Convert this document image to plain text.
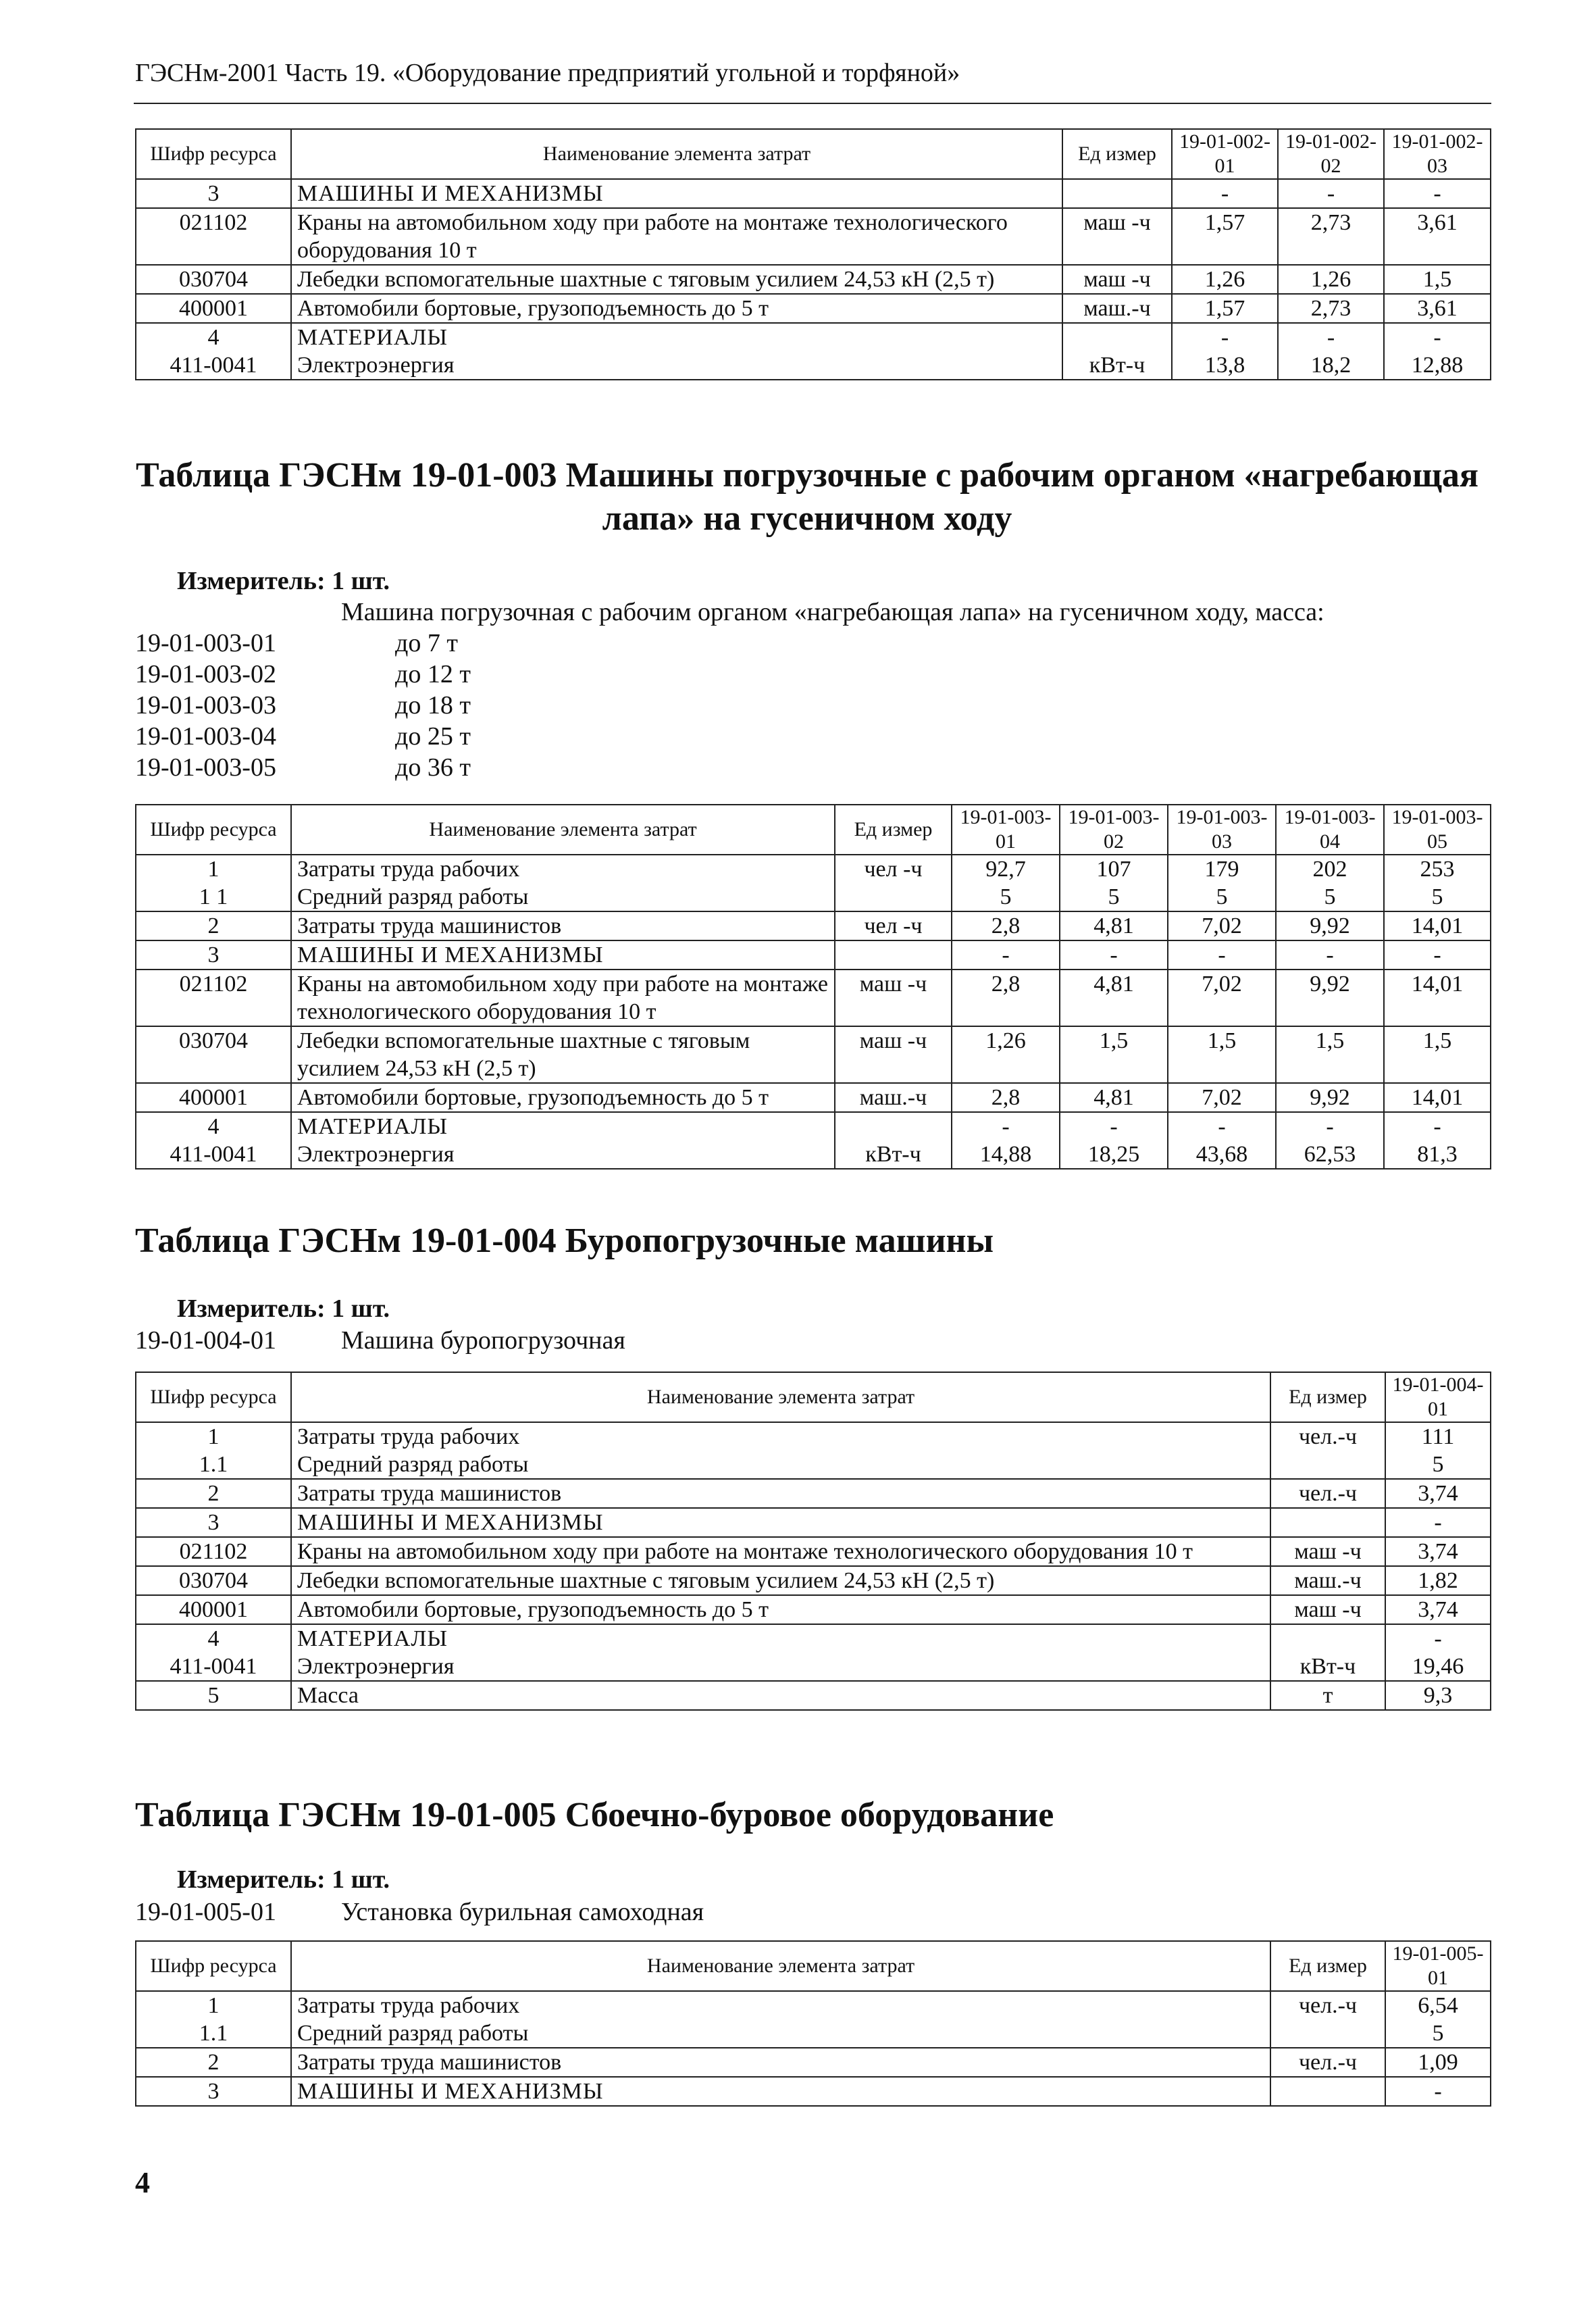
ГЭСНм-2001 Часть 19. «Оборудование предприятий угольной и торфяной»
Шифр ресурса	Наименование элемента затрат	Ед измер	19-01-002-01	19-01-002-02	19-01-002-03
3	МАШИНЫ И МЕХАНИЗМЫ		-	-	-
021102	Краны на автомобильном ходу при работе на монтаже технологического оборудования 10 т	маш -ч	1,57	2,73	3,61
030704	Лебедки вспомогательные шахтные с тяговым усилием 24,53 кН (2,5 т)	маш -ч	1,26	1,26	1,5
400001	Автомобили бортовые, грузоподъемность до 5 т	маш.-ч	1,57	2,73	3,61
4	МАТЕРИАЛЫ		-	-	-
411-0041	Электроэнергия	кВт-ч	13,8	18,2	12,88
Таблица ГЭСНм 19-01-003 Машины погрузочные с рабочим органом «нагребающая лапа» на гусеничном ходу
Измеритель: 1 шт.
Машина погрузочная с рабочим органом «нагребающая лапа» на гусеничном ходу, масса:
19-01-003-01	до 7 т
19-01-003-02	до 12 т
19-01-003-03	до 18 т
19-01-003-04	до 25 т
19-01-003-05	до 36 т
Шифр ресурса	Наименование элемента затрат	Ед измер	19-01-003-01	19-01-003-02	19-01-003-03	19-01-003-04	19-01-003-05
1	Затраты труда рабочих	чел -ч	92,7	107	179	202	253
1 1	Средний разряд работы		5	5	5	5	5
2	Затраты труда машинистов	чел -ч	2,8	4,81	7,02	9,92	14,01
3	МАШИНЫ И МЕХАНИЗМЫ		-	-	-	-	-
021102	Краны на автомобильном ходу при работе на монтаже технологического оборудования 10 т	маш -ч	2,8	4,81	7,02	9,92	14,01
030704	Лебедки вспомогательные шахтные с тяговым усилием 24,53 кН (2,5 т)	маш -ч	1,26	1,5	1,5	1,5	1,5
400001	Автомобили бортовые, грузоподъемность до 5 т	маш.-ч	2,8	4,81	7,02	9,92	14,01
4	МАТЕРИАЛЫ		-	-	-	-	-
411-0041	Электроэнергия	кВт-ч	14,88	18,25	43,68	62,53	81,3
Таблица ГЭСНм 19-01-004 Буропогрузочные машины
Измеритель: 1 шт.
19-01-004-01	Машина буропогрузочная
Шифр ресурса	Наименование элемента затрат	Ед измер	19-01-004-01
1	Затраты труда рабочих	чел.-ч	111
1.1	Средний разряд работы		5
2	Затраты труда машинистов	чел.-ч	3,74
3	МАШИНЫ И МЕХАНИЗМЫ		-
021102	Краны на автомобильном ходу при работе на монтаже технологического оборудования 10 т	маш -ч	3,74
030704	Лебедки вспомогательные шахтные с тяговым усилием 24,53 кН (2,5 т)	маш.-ч	1,82
400001	Автомобили бортовые, грузоподъемность до 5 т	маш -ч	3,74
4	МАТЕРИАЛЫ		-
411-0041	Электроэнергия	кВт-ч	19,46
5	Масса	т	9,3
Таблица ГЭСНм 19-01-005 Сбоечно-буровое оборудование
Измеритель: 1 шт.
19-01-005-01	Установка бурильная самоходная
Шифр ресурса	Наименование элемента затрат	Ед измер	19-01-005-01
1	Затраты труда рабочих	чел.-ч	6,54
1.1	Средний разряд работы		5
2	Затраты труда машинистов	чел.-ч	1,09
3	МАШИНЫ И МЕХАНИЗМЫ		-
4
